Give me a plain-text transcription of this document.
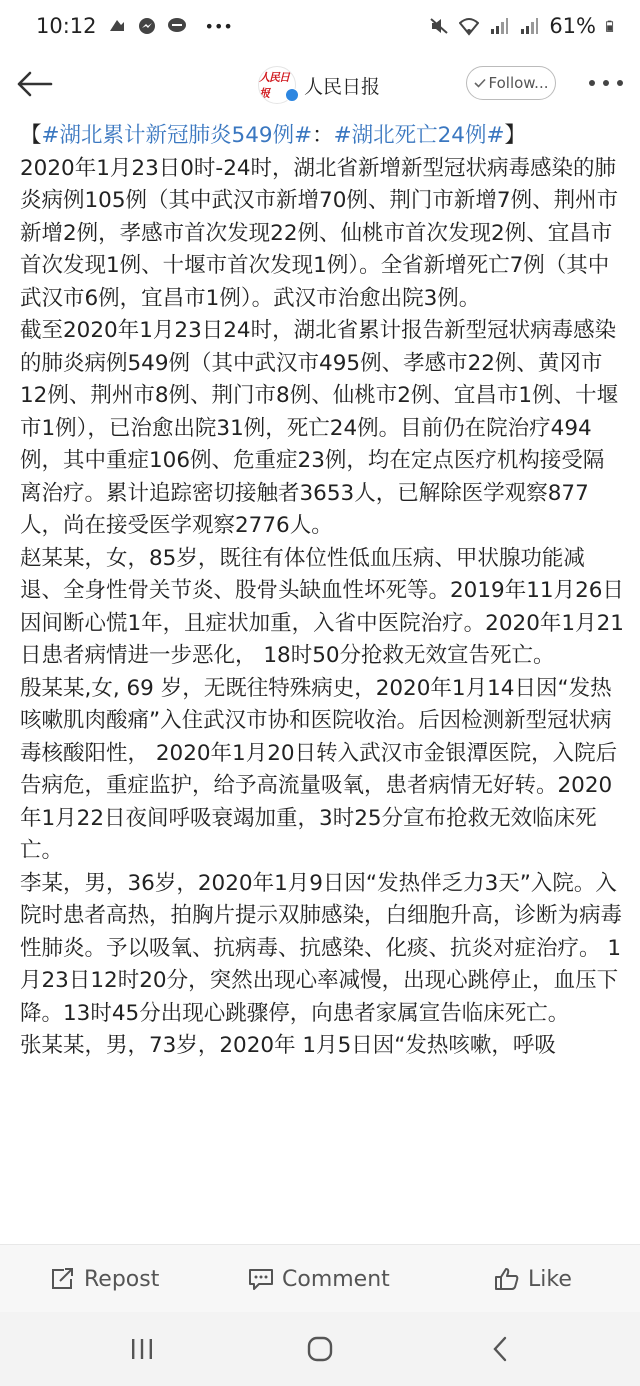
10:12	•••	61%
人民日报	人民日报	Follow...

【#湖北累计新冠肺炎549例#：#湖北死亡24例#】

2020年1月23日0时-24时，湖北省新增新型冠状病毒感染的肺炎病例105例（其中武汉市新增70例、荆门市新增7例、荆州市新增2例，孝感市首次发现22例、仙桃市首次发现2例、宜昌市首次发现1例、十堰市首次发现1例）。全省新增死亡7例（其中武汉市6例，宜昌市1例）。武汉市治愈出院3例。

截至2020年1月23日24时，湖北省累计报告新型冠状病毒感染的肺炎病例549例（其中武汉市495例、孝感市22例、黄冈市12例、荆州市8例、荆门市8例、仙桃市2例、宜昌市1例、十堰市1例），已治愈出院31例，死亡24例。目前仍在院治疗494例，其中重症106例、危重症23例，均在定点医疗机构接受隔离治疗。累计追踪密切接触者3653人，已解除医学观察877人，尚在接受医学观察2776人。

赵某某，女，85岁，既往有体位性低血压病、甲状腺功能减退、全身性骨关节炎、股骨头缺血性坏死等。2019年11月26日因间断心慌1年，且症状加重，入省中医院治疗。2020年1月21日患者病情进一步恶化， 18时50分抢救无效宣告死亡。

殷某某,女, 69 岁，无既往特殊病史，2020年1月14日因“发热咳嗽肌肉酸痛”入住武汉市协和医院收治。后因检测新型冠状病毒核酸阳性， 2020年1月20日转入武汉市金银潭医院，入院后告病危，重症监护，给予高流量吸氧，患者病情无好转。2020年1月22日夜间呼吸衰竭加重，3时25分宣布抢救无效临床死亡。

李某，男，36岁，2020年1月9日因“发热伴乏力3天”入院。入院时患者高热，拍胸片提示双肺感染，白细胞升高，诊断为病毒性肺炎。予以吸氧、抗病毒、抗感染、化痰、抗炎对症治疗。 1月23日12时20分，突然出现心率减慢，出现心跳停止，血压下降。13时45分出现心跳骤停，向患者家属宣告临床死亡。

张某某，男，73岁，2020年 1月5日因“发热咳嗽，呼吸

Repost	Comment	Like
